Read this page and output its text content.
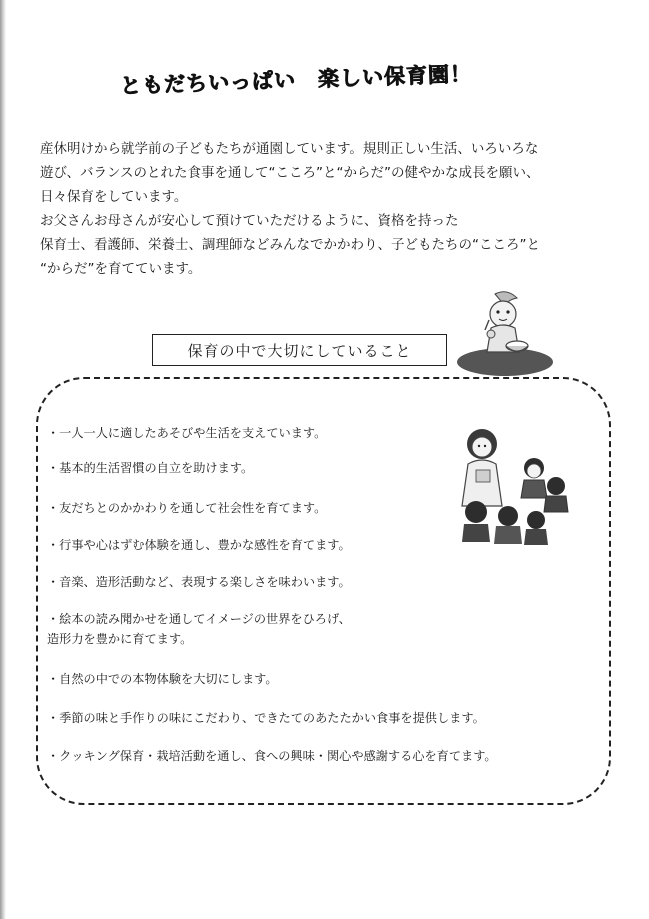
ともだちいっぱい　楽しい保育園！

産休明けから就学前の子どもたちが通園しています。規則正しい生活、いろいろな

遊び、バランスのとれた食事を通して“こころ”と“からだ”の健やかな成長を願い、

日々保育をしています。

お父さんお母さんが安心して預けていただけるように、資格を持った

保育士、看護師、栄養士、調理師などみんなでかかわり、子どもたちの“こころ”と

“からだ”を育てています。

保育の中で大切にしていること
・一人一人に適したあそびや生活を支えています。
・基本的生活習慣の自立を助けます。
・友だちとのかかわりを通して社会性を育てます。
・行事や心はずむ体験を通し、豊かな感性を育てます。
・音楽、造形活動など、表現する楽しさを味わいます。
・絵本の読み聞かせを通してイメージの世界をひろげ、
造形力を豊かに育てます。
・自然の中での本物体験を大切にします。
・季節の味と手作りの味にこだわり、できたてのあたたかい食事を提供します。
・クッキング保育・栽培活動を通し、食への興味・関心や感謝する心を育てます。
